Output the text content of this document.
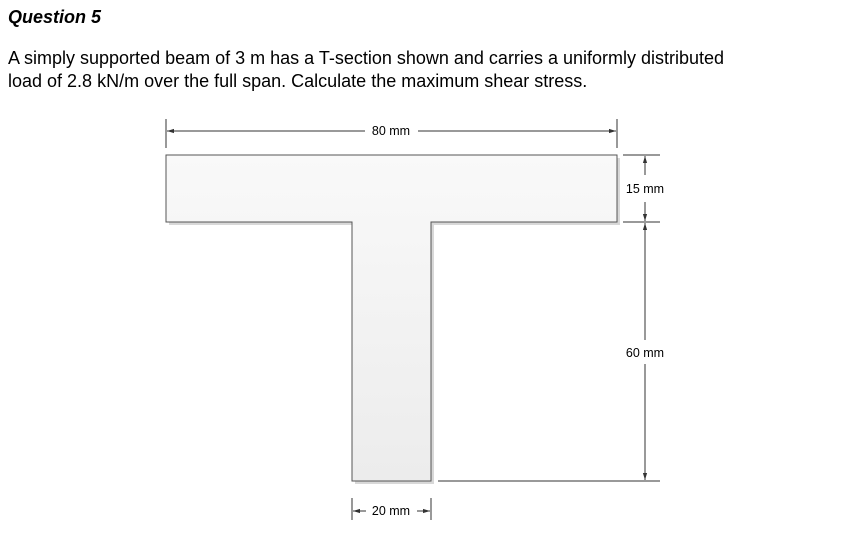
Question 5
A simply supported beam of 3 m has a T-section shown and carries a uniformly distributed
load of 2.8 kN/m over the full span. Calculate the maximum shear stress.
80 mm
15 mm
60 mm
20 mm
